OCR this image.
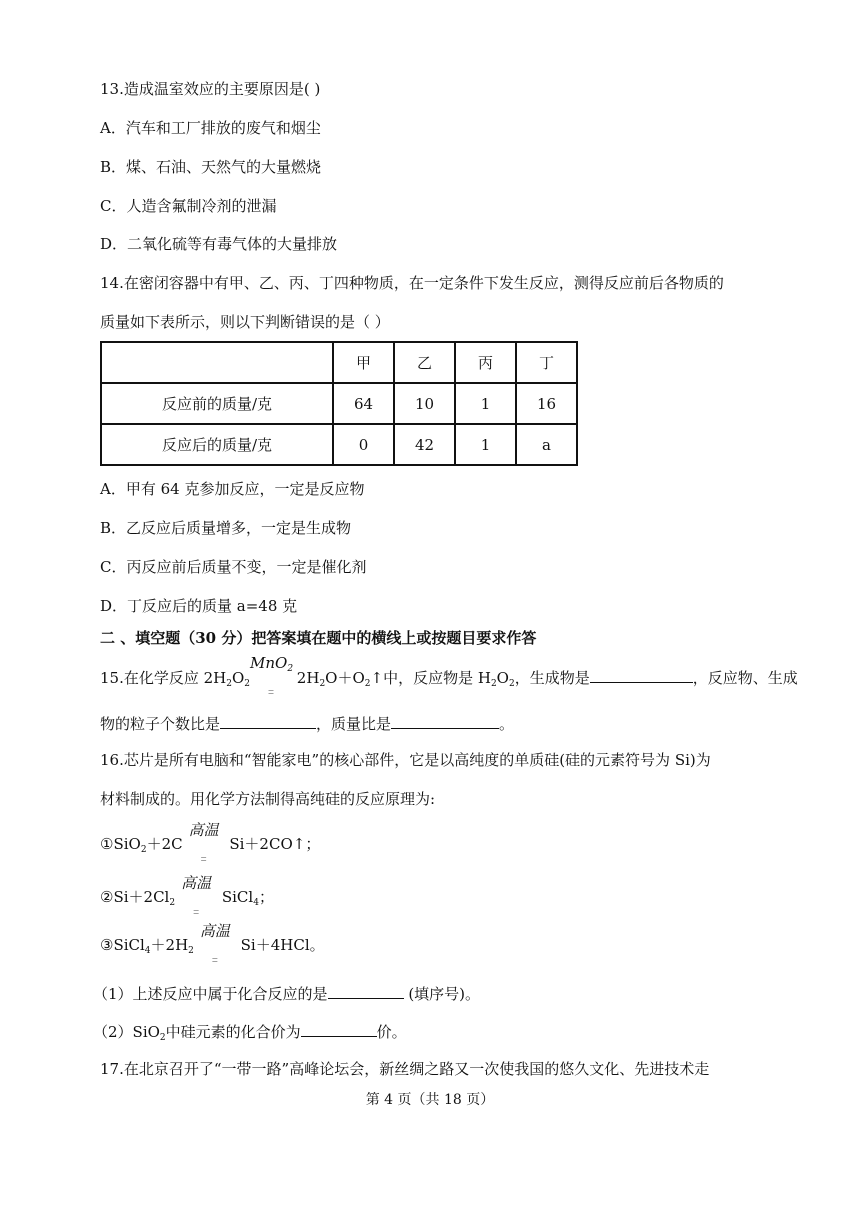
13.造成温室效应的主要原因是( )
A．汽车和工厂排放的废气和烟尘
B．煤、石油、天然气的大量燃烧
C．人造含氟制冷剂的泄漏
D．二氧化硫等有毒气体的大量排放
14.在密闭容器中有甲、乙、丙、丁四种物质，在一定条件下发生反应，测得反应前后各物质的
质量如下表所示，则以下判断错误的是（ ）
	甲	乙	丙	丁
反应前的质量/克	64	10	1	16
反应后的质量/克	0	42	1	a
A．甲有 64 克参加反应，一定是反应物
B．乙反应后质量增多，一定是生成物
C．丙反应前后质量不变，一定是催化剂
D．丁反应后的质量 a=48 克
二 、填空题（30 分）把答案填在题中的横线上或按题目要求作答
15.在化学反应 $2H_2O_2$
MnO$_2$
_
‾
$2H_2O+O_2↑$中，反应物是 $H_2O_2$，生成物是	，反应物、生成
物的粒子个数比是	，质量比是	。
16.芯片是所有电脑和“智能家电”的核心部件，它是以高纯度的单质硅(硅的元素符号为 Si)为
材料制成的。用化学方法制得高纯硅的反应原理为:
①SiO$_2$＋2C
高温
_
‾
Si＋2CO↑；
$②Si+2Cl_2$
高温
_
‾
SiCl$_4$；
$③SiCl_4+2H_2$
高温
_
‾
Si＋4HCl。
（1）上述反应中属于化合反应的是	(填序号)。
（2）SiO$_2$中硅元素的化合价为	价。
17.在北京召开了“一带一路”高峰论坛会，新丝绸之路又一次使我国的悠久文化、先进技术走
第 4 页（共 18 页）
